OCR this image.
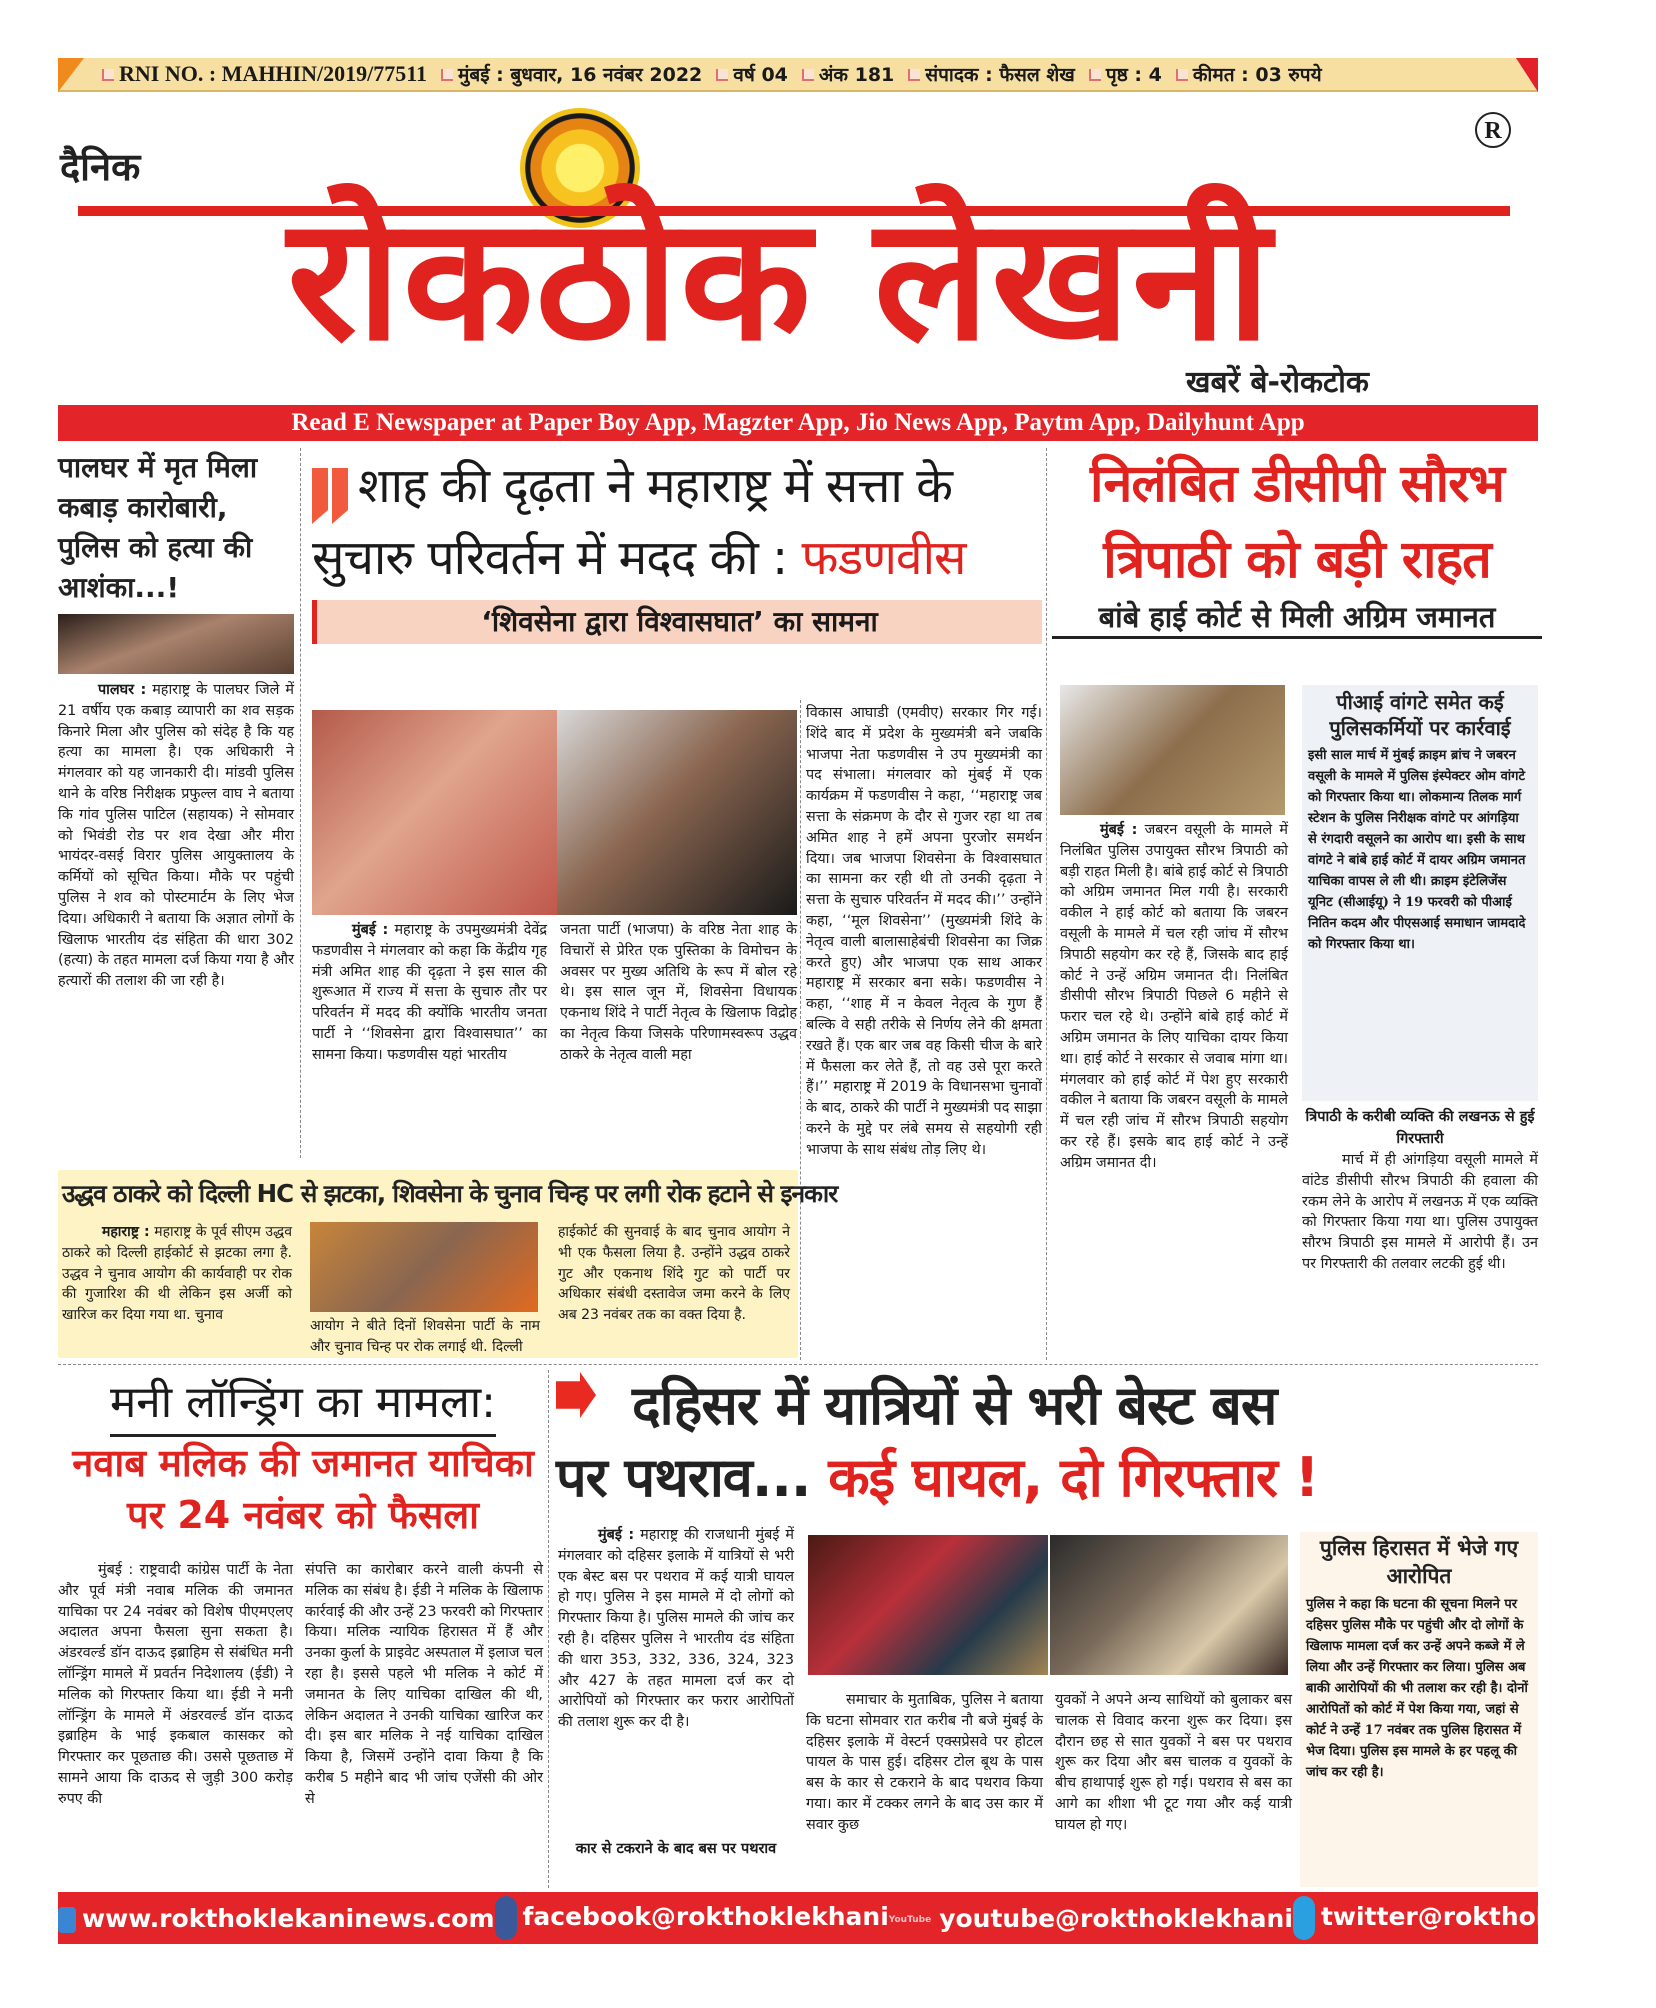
RNI NO. : MAHHIN/2019/77511	मुंबई : बुधवार, 16 नवंबर 2022	वर्ष 04	अंक 181	संपादक : फैसल शेख	पृष्ठ : 4	कीमत : 03 रुपये
दैनिक
रोकठोक लेखनी
R
खबरें बे-रोकटोक
Read E Newspaper at Paper Boy App, Magzter App, Jio News App, Paytm App, Dailyhunt App
पालघर में मृत मिला कबाड़ कारोबारी, पुलिस को हत्या की आशंका...!
पालघर : महाराष्ट्र के पालघर जिले में 21 वर्षीय एक कबाड़ व्यापारी का शव सड़क किनारे मिला और पुलिस को संदेह है कि यह हत्या का मामला है। एक अधिकारी ने मंगलवार को यह जानकारी दी। मांडवी पुलिस थाने के वरिष्ठ निरीक्षक प्रफुल्ल वाघ ने बताया कि गांव पुलिस पाटिल (सहायक) ने सोमवार को भिवंडी रोड पर शव देखा और मीरा भायंदर-वसई विरार पुलिस आयुक्तालय के कर्मियों को सूचित किया। मौके पर पहुंची पुलिस ने शव को पोस्टमार्टम के लिए भेज दिया। अधिकारी ने बताया कि अज्ञात लोगों के खिलाफ भारतीय दंड संहिता की धारा 302 (हत्या) के तहत मामला दर्ज किया गया है और हत्यारों की तलाश की जा रही है।
शाह की दृढ़ता ने महाराष्ट्र में सत्ता के सुचारु परिवर्तन में मदद की : फडणवीस
‘शिवसेना द्वारा विश्वासघात’ का सामना
मुंबई : महाराष्ट्र के उपमुख्यमंत्री देवेंद्र फडणवीस ने मंगलवार को कहा कि केंद्रीय गृह मंत्री अमित शाह की दृढ़ता ने इस साल की शुरूआत में राज्य में सत्ता के सुचारु तौर पर परिवर्तन में मदद की क्योंकि भारतीय जनता पार्टी ने ‘‘शिवसेना द्वारा विश्वासघात’’ का सामना किया। फडणवीस यहां भारतीय
जनता पार्टी (भाजपा) के वरिष्ठ नेता शाह के विचारों से प्रेरित एक पुस्तिका के विमोचन के अवसर पर मुख्य अतिथि के रूप में बोल रहे थे। इस साल जून में, शिवसेना विधायक एकनाथ शिंदे ने पार्टी नेतृत्व के खिलाफ विद्रोह का नेतृत्व किया जिसके परिणामस्वरूप उद्धव ठाकरे के नेतृत्व वाली महा
विकास आघाडी (एमवीए) सरकार गिर गई। शिंदे बाद में प्रदेश के मुख्यमंत्री बने जबकि भाजपा नेता फडणवीस ने उप मुख्यमंत्री का पद संभाला। मंगलवार को मुंबई में एक कार्यक्रम में फडणवीस ने कहा, ‘‘महाराष्ट्र जब सत्ता के संक्रमण के दौर से गुजर रहा था तब अमित शाह ने हमें अपना पुरजोर समर्थन दिया। जब भाजपा शिवसेना के विश्वासघात का सामना कर रही थी तो उनकी दृढ़ता ने सत्ता के सुचारु परिवर्तन में मदद की।’’ उन्होंने कहा, ‘‘मूल शिवसेना’’ (मुख्यमंत्री शिंदे के नेतृत्व वाली बालासाहेबंची शिवसेना का जिक्र करते हुए) और भाजपा एक साथ आकर महाराष्ट्र में सरकार बना सके। फडणवीस ने कहा, ‘‘शाह में न केवल नेतृत्व के गुण हैं बल्कि वे सही तरीके से निर्णय लेने की क्षमता रखते हैं। एक बार जब वह किसी चीज के बारे में फैसला कर लेते हैं, तो वह उसे पूरा करते हैं।’’ महाराष्ट्र में 2019 के विधानसभा चुनावों के बाद, ठाकरे की पार्टी ने मुख्यमंत्री पद साझा करने के मुद्दे पर लंबे समय से सहयोगी रही भाजपा के साथ संबंध तोड़ लिए थे।
उद्धव ठाकरे को दिल्ली HC से झटका, शिवसेना के चुनाव चिन्ह पर लगी रोक हटाने से इनकार
महाराष्ट्र : महाराष्ट्र के पूर्व सीएम उद्धव ठाकरे को दिल्ली हाईकोर्ट से झटका लगा है. उद्धव ने चुनाव आयोग की कार्यवाही पर रोक की गुजारिश की थी लेकिन इस अर्जी को खारिज कर दिया गया था. चुनाव
आयोग ने बीते दिनों शिवसेना पार्टी के नाम और चुनाव चिन्ह पर रोक लगाई थी. दिल्ली
हाईकोर्ट की सुनवाई के बाद चुनाव आयोग ने भी एक फैसला लिया है. उन्होंने उद्धव ठाकरे गुट और एकनाथ शिंदे गुट को पार्टी पर अधिकार संबंधी दस्तावेज जमा करने के लिए अब 23 नवंबर तक का वक्त दिया है.
निलंबित डीसीपी सौरभ त्रिपाठी को बड़ी राहत
बांबे हाई कोर्ट से मिली अग्रिम जमानत
मुंबई : जबरन वसूली के मामले में निलंबित पुलिस उपायुक्त सौरभ त्रिपाठी को बड़ी राहत मिली है। बांबे हाई कोर्ट से त्रिपाठी को अग्रिम जमानत मिल गयी है। सरकारी वकील ने हाई कोर्ट को बताया कि जबरन वसूली के मामले में चल रही जांच में सौरभ त्रिपाठी सहयोग कर रहे हैं, जिसके बाद हाई कोर्ट ने उन्हें अग्रिम जमानत दी। निलंबित डीसीपी सौरभ त्रिपाठी पिछले 6 महीने से फरार चल रहे थे। उन्होंने बांबे हाई कोर्ट में अग्रिम जमानत के लिए याचिका दायर किया था। हाई कोर्ट ने सरकार से जवाब मांगा था। मंगलवार को हाई कोर्ट में पेश हुए सरकारी वकील ने बताया कि जबरन वसूली के मामले में चल रही जांच में सौरभ त्रिपाठी सहयोग कर रहे हैं। इसके बाद हाई कोर्ट ने उन्हें अग्रिम जमानत दी।
पीआई वांगटे समेत कई पुलिसकर्मियों पर कार्रवाई
इसी साल मार्च में मुंबई क्राइम ब्रांच ने जबरन वसूली के मामले में पुलिस इंस्पेक्टर ओम वांगटे को गिरफ्तार किया था। लोकमान्य तिलक मार्ग स्टेशन के पुलिस निरीक्षक वांगटे पर आंगड़िया से रंगदारी वसूलने का आरोप था। इसी के साथ वांगटे ने बांबे हाई कोर्ट में दायर अग्रिम जमानत याचिका वापस ले ली थी। क्राइम इंटेलिजेंस यूनिट (सीआईयू) ने 19 फरवरी को पीआई नितिन कदम और पीएसआई समाधान जामदादे को गिरफ्तार किया था।
त्रिपाठी के करीबी व्यक्ति की लखनऊ से हुई गिरफ्तारी
मार्च में ही आंगड़िया वसूली मामले में वांटेड डीसीपी सौरभ त्रिपाठी की हवाला की रकम लेने के आरोप में लखनऊ में एक व्यक्ति को गिरफ्तार किया गया था। पुलिस उपायुक्त सौरभ त्रिपाठी इस मामले में आरोपी हैं। उन पर गिरफ्तारी की तलवार लटकी हुई थी।
मनी लॉन्ड्रिंग का मामला:
नवाब मलिक की जमानत याचिका पर 24 नवंबर को फैसला
मुंबई : राष्ट्रवादी कांग्रेस पार्टी के नेता और पूर्व मंत्री नवाब मलिक की जमानत याचिका पर 24 नवंबर को विशेष पीएमएलए अदालत अपना फैसला सुना सकता है। अंडरवर्ल्ड डॉन दाऊद इब्राहिम से संबंधित मनी लॉन्ड्रिंग मामले में प्रवर्तन निदेशालय (ईडी) ने मलिक को गिरफ्तार किया था। ईडी ने मनी लॉन्ड्रिंग के मामले में अंडरवर्ल्ड डॉन दाऊद इब्राहिम के भाई इकबाल कासकर को गिरफ्तार कर पूछताछ की। उससे पूछताछ में सामने आया कि दाऊद से जुड़ी 300 करोड़ रुपए की
संपत्ति का कारोबार करने वाली कंपनी से मलिक का संबंध है। ईडी ने मलिक के खिलाफ कार्रवाई की और उन्हें 23 फरवरी को गिरफ्तार किया। मलिक न्यायिक हिरासत में हैं और उनका कुर्ला के प्राइवेट अस्पताल में इलाज चल रहा है। इससे पहले भी मलिक ने कोर्ट में जमानत के लिए याचिका दाखिल की थी, लेकिन अदालत ने उनकी याचिका खारिज कर दी। इस बार मलिक ने नई याचिका दाखिल किया है, जिसमें उन्होंने दावा किया है कि करीब 5 महीने बाद भी जांच एजेंसी की ओर से
दहिसर में यात्रियों से भरी बेस्ट बस
पर पथराव... कई घायल, दो गिरफ्तार !
मुंबई : महाराष्ट्र की राजधानी मुंबई में मंगलवार को दहिसर इलाके में यात्रियों से भरी एक बेस्ट बस पर पथराव में कई यात्री घायल हो गए। पुलिस ने इस मामले में दो लोगों को गिरफ्तार किया है। पुलिस मामले की जांच कर रही है। दहिसर पुलिस ने भारतीय दंड संहिता की धारा 353, 332, 336, 324, 323 और 427 के तहत मामला दर्ज कर दो आरोपियों को गिरफ्तार कर फरार आरोपितों की तलाश शुरू कर दी है।
कार से टकराने के बाद बस पर पथराव
समाचार के मुताबिक, पुलिस ने बताया कि घटना सोमवार रात करीब नौ बजे मुंबई के दहिसर इलाके में वेस्टर्न एक्सप्रेसवे पर होटल पायल के पास हुई। दहिसर टोल बूथ के पास बस के कार से टकराने के बाद पथराव किया गया। कार में टक्कर लगने के बाद उस कार में सवार कुछ
युवकों ने अपने अन्य साथियों को बुलाकर बस चालक से विवाद करना शुरू कर दिया। इस दौरान छह से सात युवकों ने बस पर पथराव शुरू कर दिया और बस चालक व युवकों के बीच हाथापाई शुरू हो गई। पथराव से बस का आगे का शीशा भी टूट गया और कई यात्री घायल हो गए।
पुलिस हिरासत में भेजे गए आरोपित
पुलिस ने कहा कि घटना की सूचना मिलने पर दहिसर पुलिस मौके पर पहुंची और दो लोगों के खिलाफ मामला दर्ज कर उन्हें अपने कब्जे में ले लिया और उन्हें गिरफ्तार कर लिया। पुलिस अब बाकी आरोपियों की भी तलाश कर रही है। दोनों आरोपितों को कोर्ट में पेश किया गया, जहां से कोर्ट ने उन्हें 17 नवंबर तक पुलिस हिरासत में भेज दिया। पुलिस इस मामले के हर पहलू की जांच कर रही है।
www.rokthoklekaninews.com	facebook@rokthoklekhani YouTube youtube@rokthoklekhani	twitter@rokthoklekhani
